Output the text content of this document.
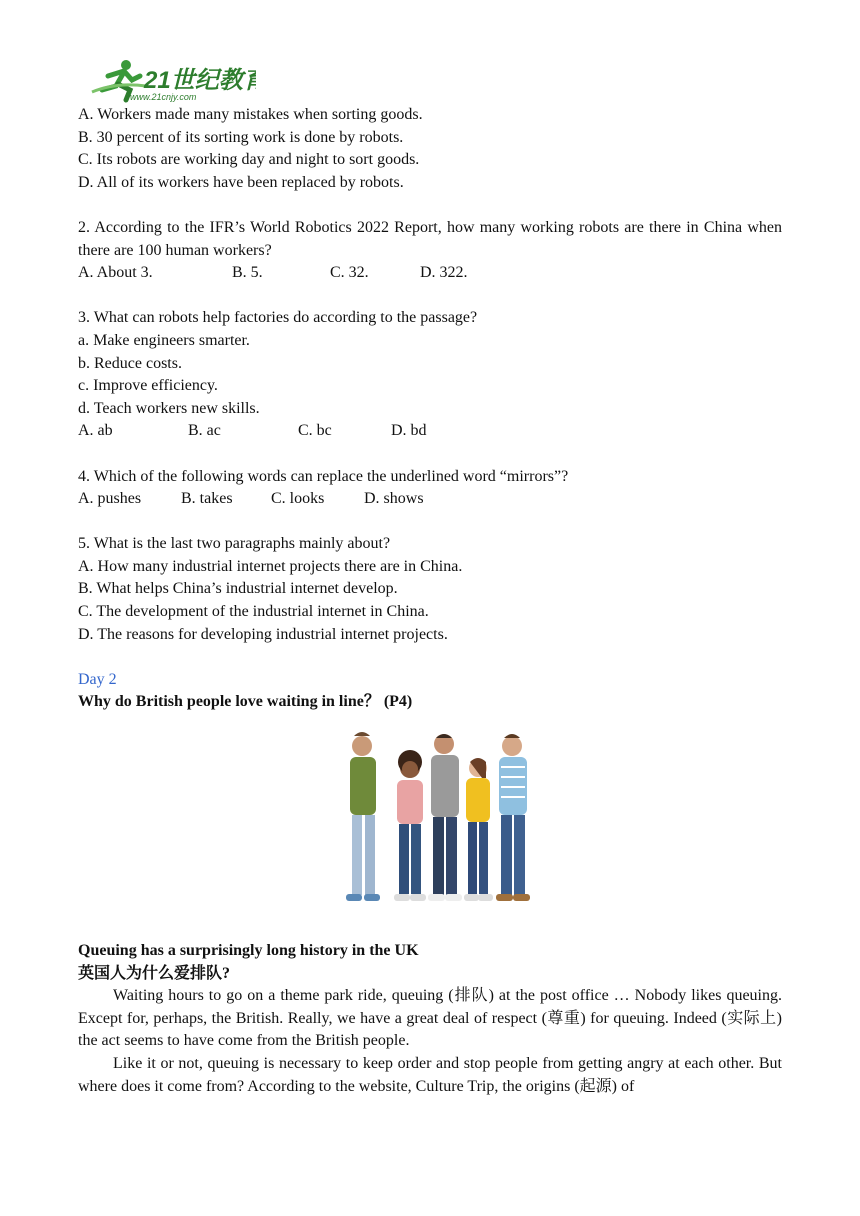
21世纪教育
www.21cnjy.com
A. Workers made many mistakes when sorting goods.
B. 30 percent of its sorting work is done by robots.
C. Its robots are working day and night to sort goods.
D. All of its workers have been replaced by robots.
2. According to the IFR’s World Robotics 2022 Report, how many working robots are there in China when there are 100 human workers?
A. About 3.	B. 5.	C. 32.	D. 322.
3. What can robots help factories do according to the passage?
a. Make engineers smarter.
b. Reduce costs.
c. Improve efficiency.
d. Teach workers new skills.
A. ab	B. ac	C. bc	D. bd
4. Which of the following words can replace the underlined word “mirrors”?
A. pushes	B. takes	C. looks	D. shows
5. What is the last two paragraphs mainly about?
A. How many industrial internet projects there are in China.
B. What helps China’s industrial internet develop.
C. The development of the industrial internet in China.
D. The reasons for developing industrial internet projects.
Day 2
Why do British people love waiting in line？ (P4)
Queuing has a surprisingly long history in the UK
英国人为什么爱排队?
Waiting hours to go on a theme park ride, queuing (排队) at the post office … Nobody likes queuing. Except for, perhaps, the British. Really, we have a great deal of respect (尊重) for queuing. Indeed (实际上) the act seems to have come from the British people.
Like it or not, queuing is necessary to keep order and stop people from getting angry at each other. But where does it come from? According to the website, Culture Trip, the origins (起源) of
